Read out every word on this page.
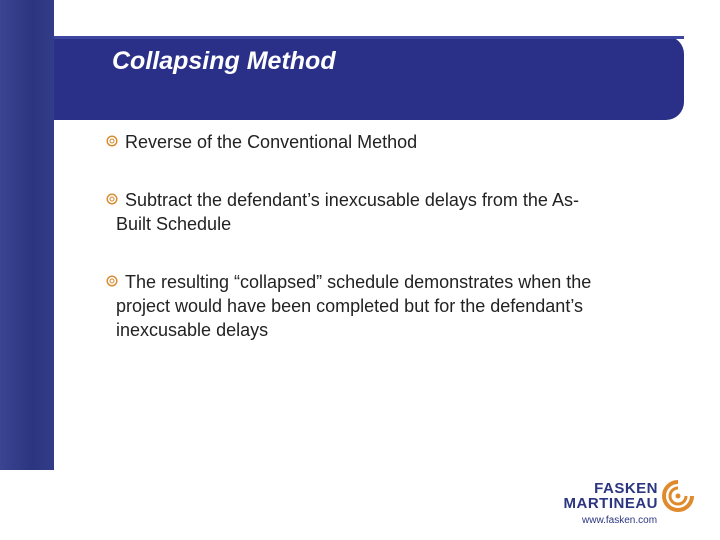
Collapsing Method
Reverse of the Conventional Method
Subtract the defendant’s inexcusable delays from the As-
Built Schedule
The resulting “collapsed” schedule demonstrates when the
project would have been completed but for the defendant’s
inexcusable delays
FASKEN
MARTINEAU
www.fasken.com
